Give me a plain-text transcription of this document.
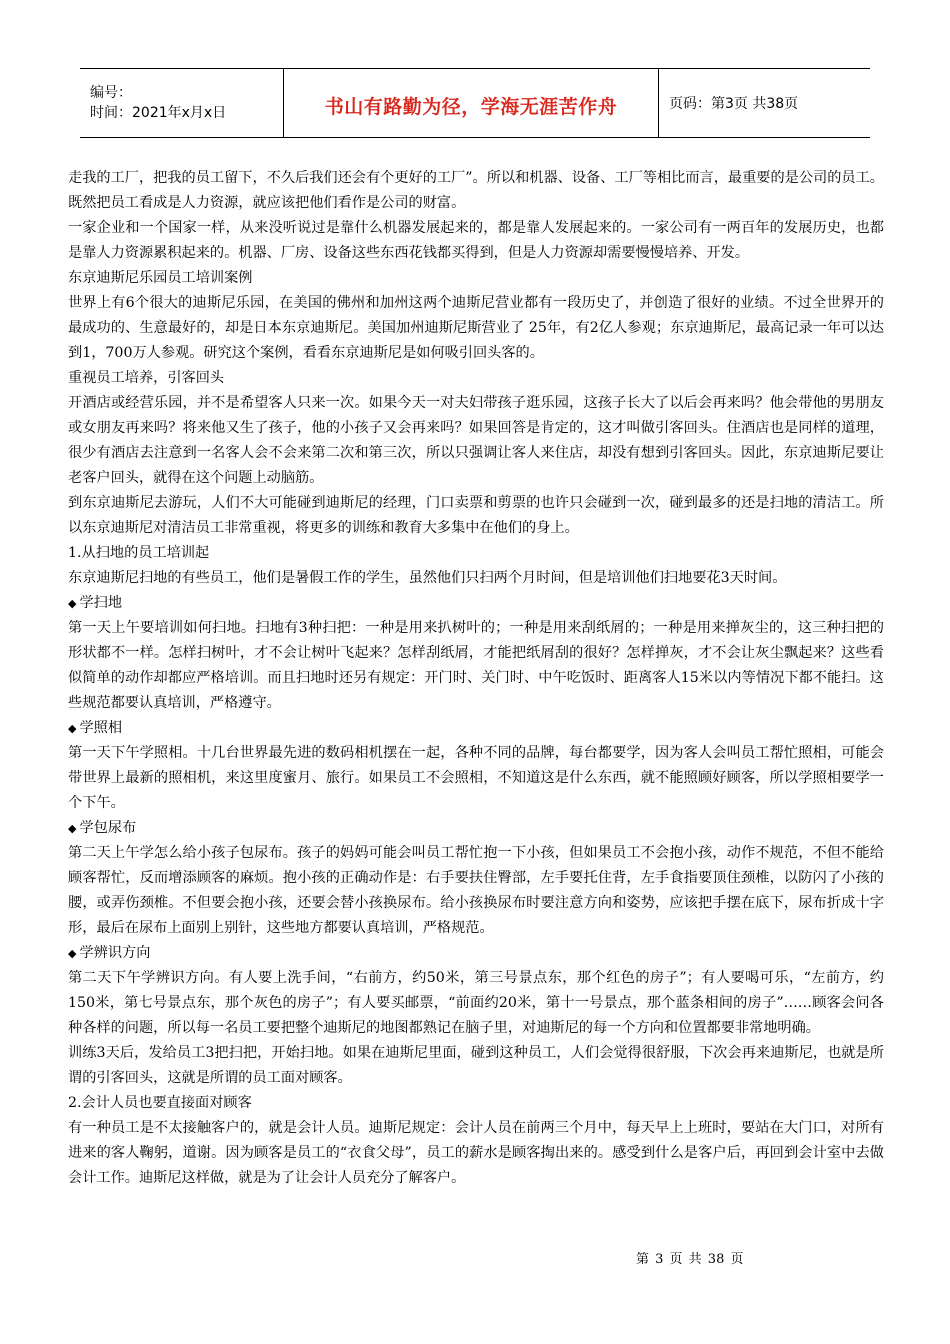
编号：
时间：2021年x月x日	书山有路勤为径，学海无涯苦作舟	页码：第3页 共38页

走我的工厂，把我的员工留下，不久后我们还会有个更好的工厂”。所以和机器、设备、工厂等相比而言，最重要的是公司的员工。既然把员工看成是人力资源，就应该把他们看作是公司的财富。

一家企业和一个国家一样，从来没听说过是靠什么机器发展起来的，都是靠人发展起来的。一家公司有一两百年的发展历史，也都是靠人力资源累积起来的。机器、厂房、设备这些东西花钱都买得到，但是人力资源却需要慢慢培养、开发。

东京迪斯尼乐园员工培训案例

世界上有6个很大的迪斯尼乐园，在美国的佛州和加州这两个迪斯尼营业都有一段历史了，并创造了很好的业绩。不过全世界开的最成功的、生意最好的，却是日本东京迪斯尼。美国加州迪斯尼斯营业了 25年，有2亿人参观；东京迪斯尼，最高记录一年可以达到1，700万人参观。研究这个案例，看看东京迪斯尼是如何吸引回头客的。

重视员工培养，引客回头

开酒店或经营乐园，并不是希望客人只来一次。如果今天一对夫妇带孩子逛乐园，这孩子长大了以后会再来吗？他会带他的男朋友或女朋友再来吗？将来他又生了孩子，他的小孩子又会再来吗？如果回答是肯定的，这才叫做引客回头。住酒店也是同样的道理，很少有酒店去注意到一名客人会不会来第二次和第三次，所以只强调让客人来住店，却没有想到引客回头。因此，东京迪斯尼要让老客户回头，就得在这个问题上动脑筋。

到东京迪斯尼去游玩，人们不大可能碰到迪斯尼的经理，门口卖票和剪票的也许只会碰到一次，碰到最多的还是扫地的清洁工。所以东京迪斯尼对清洁员工非常重视，将更多的训练和教育大多集中在他们的身上。

1.从扫地的员工培训起

东京迪斯尼扫地的有些员工，他们是暑假工作的学生，虽然他们只扫两个月时间，但是培训他们扫地要花3天时间。

◆ 学扫地

第一天上午要培训如何扫地。扫地有3种扫把：一种是用来扒树叶的；一种是用来刮纸屑的；一种是用来掸灰尘的，这三种扫把的形状都不一样。怎样扫树叶，才不会让树叶飞起来？怎样刮纸屑，才能把纸屑刮的很好？怎样掸灰，才不会让灰尘飘起来？这些看似简单的动作却都应严格培训。而且扫地时还另有规定：开门时、关门时、中午吃饭时、距离客人15米以内等情况下都不能扫。这些规范都要认真培训，严格遵守。

◆ 学照相

第一天下午学照相。十几台世界最先进的数码相机摆在一起，各种不同的品牌，每台都要学，因为客人会叫员工帮忙照相，可能会带世界上最新的照相机，来这里度蜜月、旅行。如果员工不会照相，不知道这是什么东西，就不能照顾好顾客，所以学照相要学一个下午。

◆ 学包尿布

第二天上午学怎么给小孩子包尿布。孩子的妈妈可能会叫员工帮忙抱一下小孩，但如果员工不会抱小孩，动作不规范，不但不能给顾客帮忙，反而增添顾客的麻烦。抱小孩的正确动作是：右手要扶住臀部，左手要托住背，左手食指要顶住颈椎，以防闪了小孩的腰，或弄伤颈椎。不但要会抱小孩，还要会替小孩换尿布。给小孩换尿布时要注意方向和姿势，应该把手摆在底下，尿布折成十字形，最后在尿布上面别上别针，这些地方都要认真培训，严格规范。

◆ 学辨识方向

第二天下午学辨识方向。有人要上洗手间，“右前方，约50米，第三号景点东，那个红色的房子”；有人要喝可乐，“左前方，约150米，第七号景点东，那个灰色的房子”；有人要买邮票，“前面约20米，第十一号景点，那个蓝条相间的房子”……顾客会问各种各样的问题，所以每一名员工要把整个迪斯尼的地图都熟记在脑子里，对迪斯尼的每一个方向和位置都要非常地明确。

训练3天后，发给员工3把扫把，开始扫地。如果在迪斯尼里面，碰到这种员工，人们会觉得很舒服，下次会再来迪斯尼，也就是所谓的引客回头，这就是所谓的员工面对顾客。

2.会计人员也要直接面对顾客

有一种员工是不太接触客户的，就是会计人员。迪斯尼规定：会计人员在前两三个月中，每天早上上班时，要站在大门口，对所有进来的客人鞠躬，道谢。因为顾客是员工的“衣食父母”，员工的薪水是顾客掏出来的。感受到什么是客户后，再回到会计室中去做会计工作。迪斯尼这样做，就是为了让会计人员充分了解客户。

第 3 页 共 38 页
